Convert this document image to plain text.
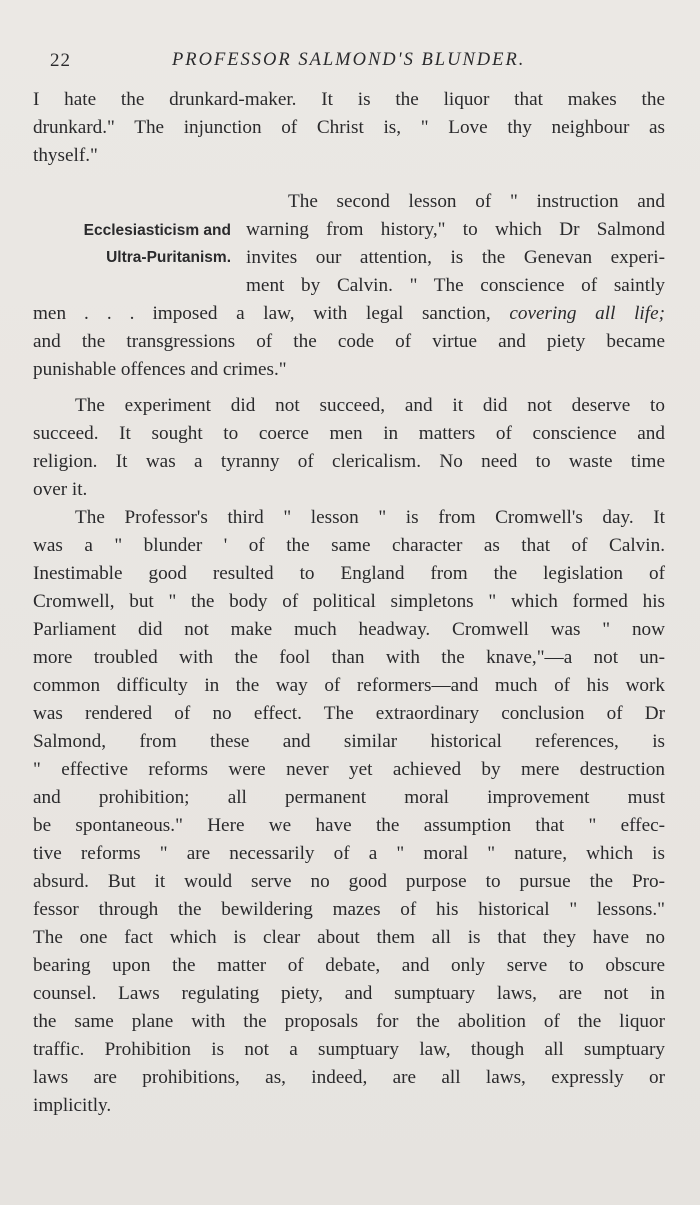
22	PROFESSOR SALMOND'S BLUNDER.
I hate the drunkard-maker. It is the liquor that makes the
drunkard." The injunction of Christ is, " Love thy neighbour as
thyself."
Ecclesiasticism and
Ultra-Puritanism.
The second lesson of " instruction and
warning from history," to which Dr Salmond
invites our attention, is the Genevan experi-
ment by Calvin. " The conscience of saintly
men . . . imposed a law, with legal sanction, covering all life;
and the transgressions of the code of virtue and piety became
punishable offences and crimes."
The experiment did not succeed, and it did not deserve to
succeed. It sought to coerce men in matters of conscience and
religion. It was a tyranny of clericalism. No need to waste time
over it.
The Professor's third " lesson " is from Cromwell's day. It
was a " blunder ' of the same character as that of Calvin.
Inestimable good resulted to England from the legislation of
Cromwell, but " the body of political simpletons " which formed his
Parliament did not make much headway. Cromwell was " now
more troubled with the fool than with the knave,"—a not un-
common difficulty in the way of reformers—and much of his work
was rendered of no effect. The extraordinary conclusion of Dr
Salmond, from these and similar historical references, is
" effective reforms were never yet achieved by mere destruction
and prohibition; all permanent moral improvement must
be spontaneous." Here we have the assumption that " effec-
tive reforms " are necessarily of a " moral " nature, which is
absurd. But it would serve no good purpose to pursue the Pro-
fessor through the bewildering mazes of his historical " lessons."
The one fact which is clear about them all is that they have no
bearing upon the matter of debate, and only serve to obscure
counsel. Laws regulating piety, and sumptuary laws, are not in
the same plane with the proposals for the abolition of the liquor
traffic. Prohibition is not a sumptuary law, though all sumptuary
laws are prohibitions, as, indeed, are all laws, expressly or
implicitly.
